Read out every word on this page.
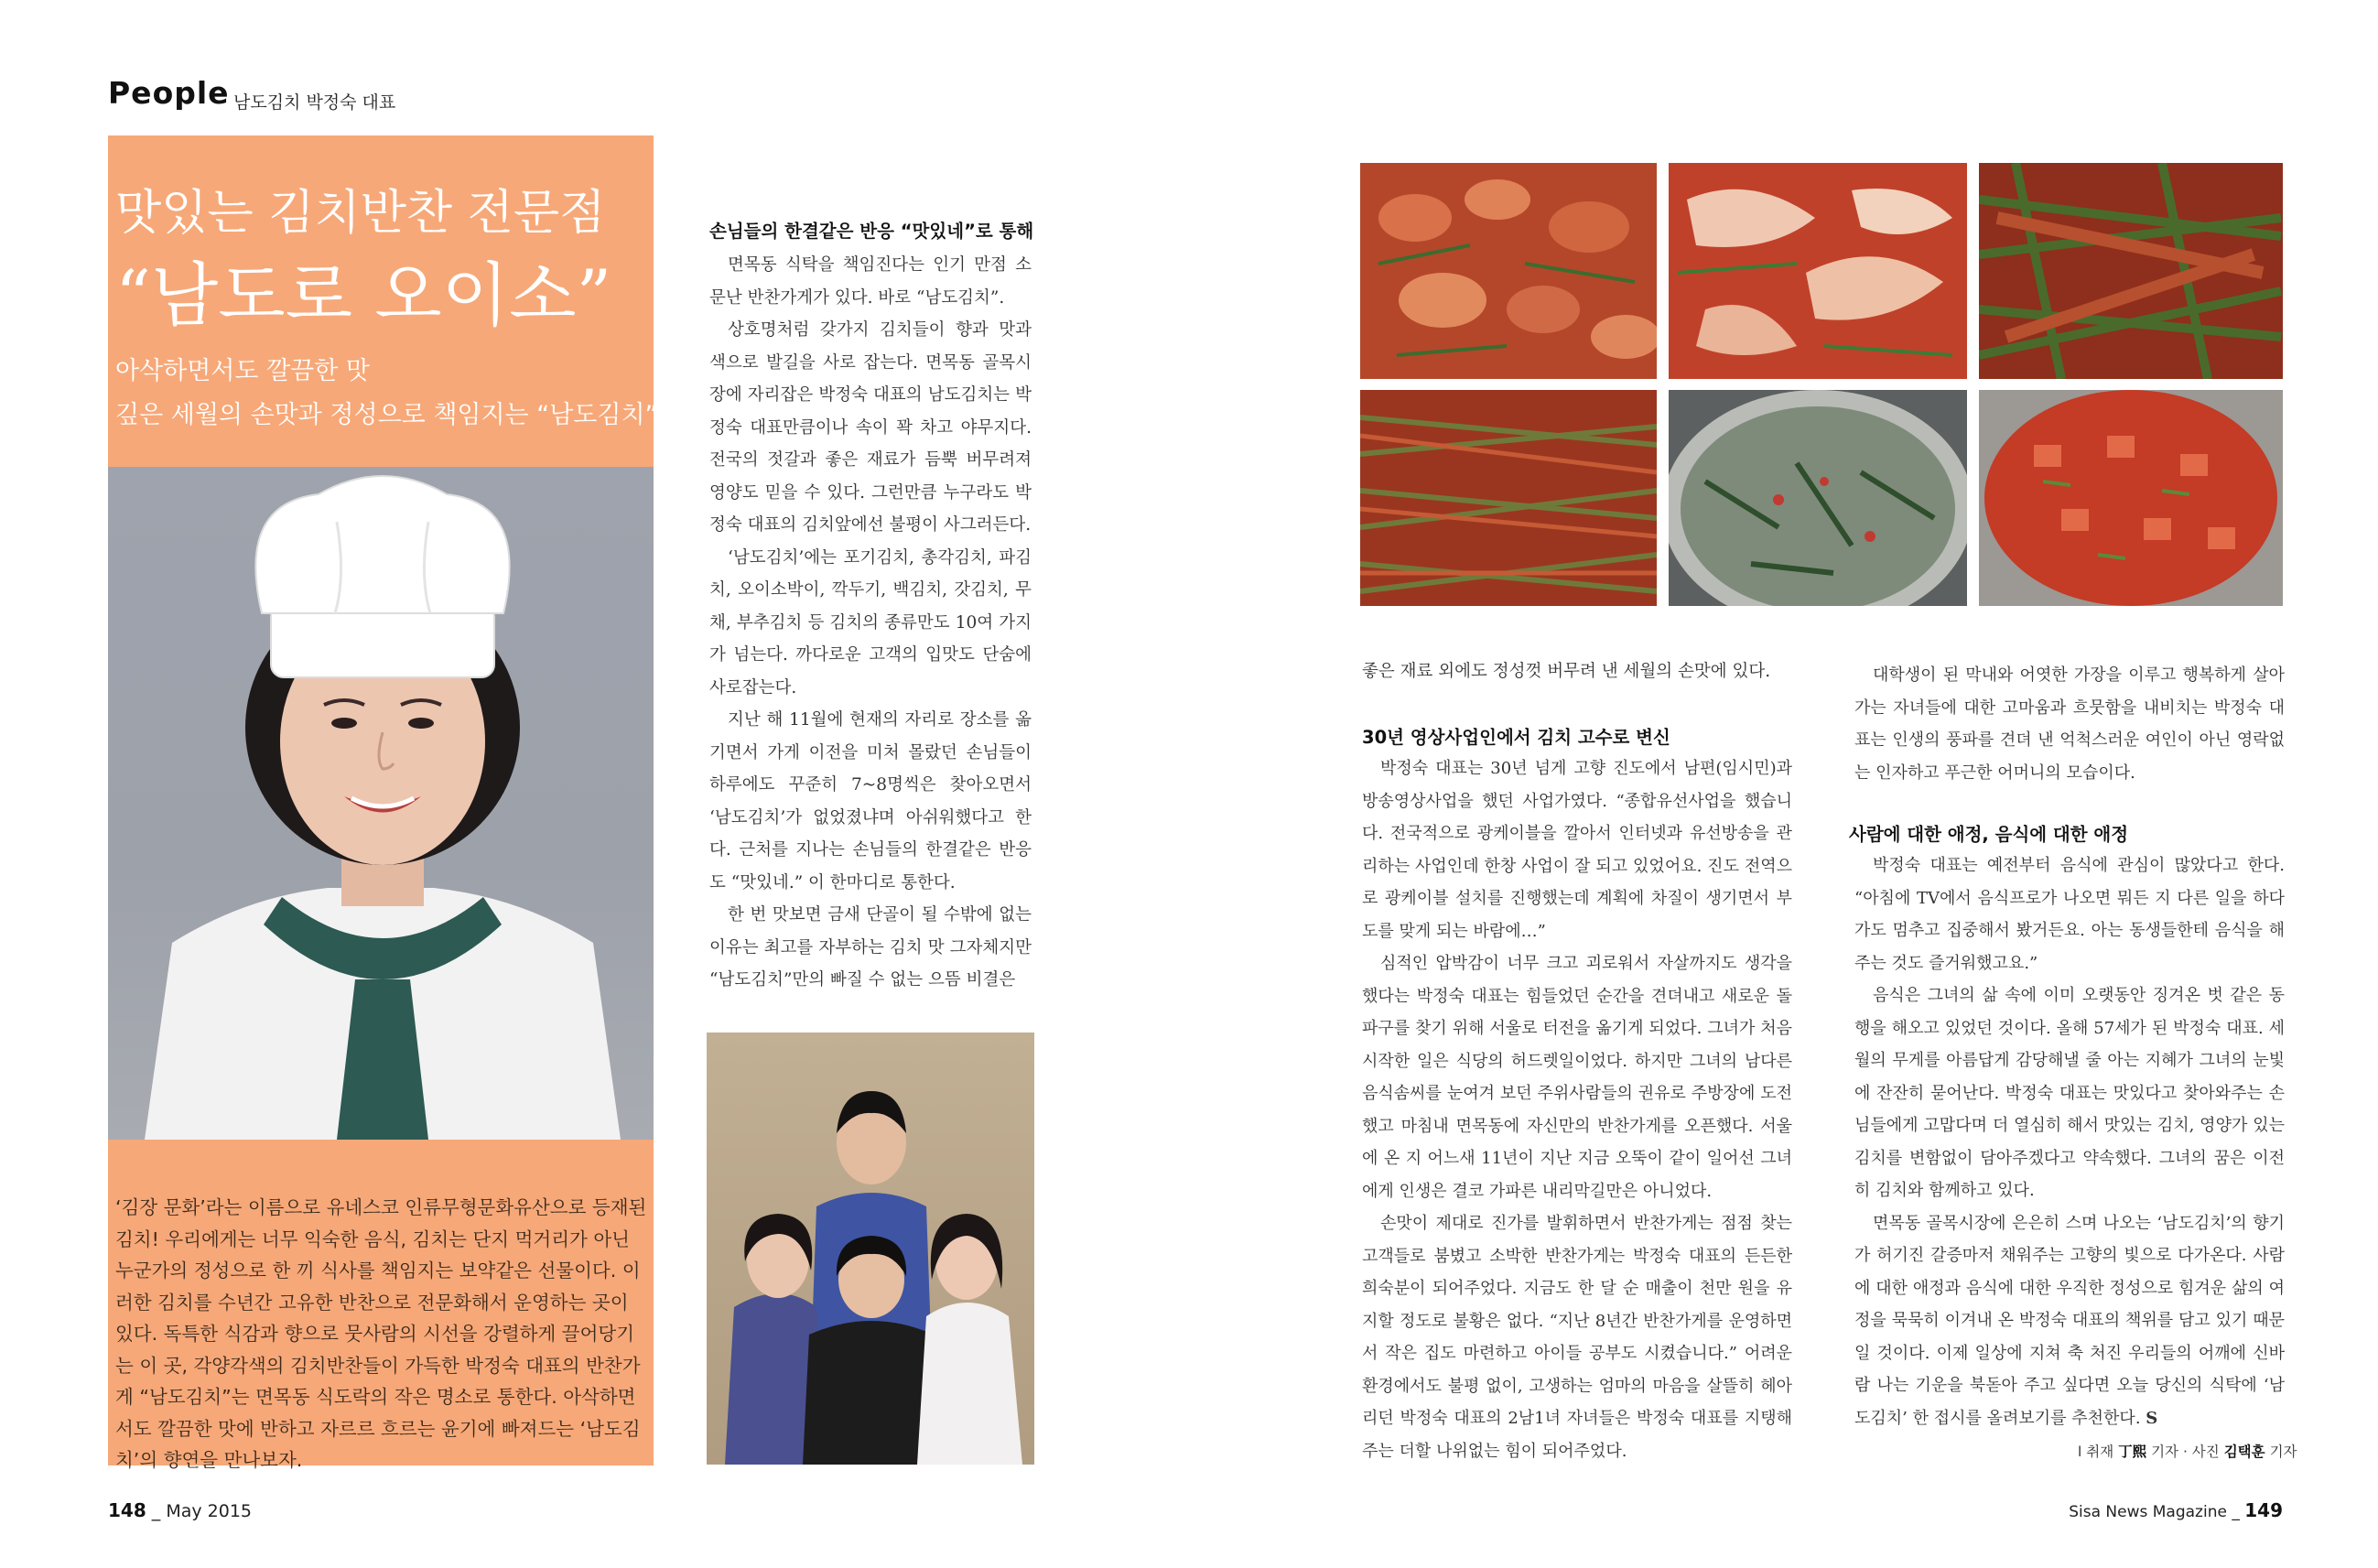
People 남도김치 박정숙 대표
맛있는 김치반찬 전문점
“남도로 오이소”
아삭하면서도 깔끔한 맛
깊은 세월의 손맛과 정성으로 책임지는 “남도김치”
‘김장 문화’라는 이름으로 유네스코 인류무형문화유산으로 등재된 김치! 우리에게는 너무 익숙한 음식, 김치는 단지 먹거리가 아닌 누군가의 정성으로 한 끼 식사를 책임지는 보약같은 선물이다. 이러한 김치를 수년간 고유한 반찬으로 전문화해서 운영하는 곳이 있다. 독특한 식감과 향으로 뭇사람의 시선을 강렬하게 끌어당기는 이 곳, 각양각색의 김치반찬들이 가득한 박정숙 대표의 반찬가게 “남도김치”는 면목동 식도락의 작은 명소로 통한다. 아삭하면서도 깔끔한 맛에 반하고 자르르 흐르는 윤기에 빠져드는 ‘남도김치’의 향연을 만나보자.
손님들의 한결같은 반응 “맛있네”로 통해

면목동 식탁을 책임진다는 인기 만점 소문난 반찬가게가 있다. 바로 “남도김치”.

상호명처럼 갖가지 김치들이 향과 맛과 색으로 발길을 사로 잡는다. 면목동 골목시장에 자리잡은 박정숙 대표의 남도김치는 박정숙 대표만큼이나 속이 꽉 차고 야무지다. 전국의 젓갈과 좋은 재료가 듬뿍 버무려져 영양도 믿을 수 있다. 그런만큼 누구라도 박정숙 대표의 김치앞에선 불평이 사그러든다.

‘남도김치’에는 포기김치, 총각김치, 파김치, 오이소박이, 깍두기, 백김치, 갓김치, 무채, 부추김치 등 김치의 종류만도 10여 가지가 넘는다. 까다로운 고객의 입맛도 단숨에 사로잡는다.

지난 해 11월에 현재의 자리로 장소를 옮기면서 가게 이전을 미처 몰랐던 손님들이 하루에도 꾸준히 7~8명씩은 찾아오면서 ‘남도김치’가 없었졌냐며 아쉬워했다고 한다. 근처를 지나는 손님들의 한결같은 반응도 “맛있네.” 이 한마디로 통한다.

한 번 맛보면 금새 단골이 될 수밖에 없는 이유는 최고를 자부하는 김치 맛 그자체지만 “남도김치”만의 빠질 수 없는 으뜸 비결은

좋은 재료 외에도 정성껏 버무려 낸 세월의 손맛에 있다.
30년 영상사업인에서 김치 고수로 변신

박정숙 대표는 30년 넘게 고향 진도에서 남편(임시민)과 방송영상사업을 했던 사업가였다. “종합유선사업을 했습니다. 전국적으로 광케이블을 깔아서 인터넷과 유선방송을 관리하는 사업인데 한창 사업이 잘 되고 있었어요. 진도 전역으로 광케이블 설치를 진행했는데 계획에 차질이 생기면서 부도를 맞게 되는 바람에…”

심적인 압박감이 너무 크고 괴로워서 자살까지도 생각을 했다는 박정숙 대표는 힘들었던 순간을 견뎌내고 새로운 돌파구를 찾기 위해 서울로 터전을 옮기게 되었다. 그녀가 처음 시작한 일은 식당의 허드렛일이었다. 하지만 그녀의 남다른 음식솜씨를 눈여겨 보던 주위사람들의 권유로 주방장에 도전했고 마침내 면목동에 자신만의 반찬가게를 오픈했다. 서울에 온 지 어느새 11년이 지난 지금 오뚝이 같이 일어선 그녀에게 인생은 결코 가파른 내리막길만은 아니었다.

손맛이 제대로 진가를 발휘하면서 반찬가게는 점점 찾는 고객들로 붐볐고 소박한 반찬가게는 박정숙 대표의 든든한 희숙분이 되어주었다. 지금도 한 달 순 매출이 천만 원을 유지할 정도로 불황은 없다. “지난 8년간 반찬가게를 운영하면서 작은 집도 마련하고 아이들 공부도 시켰습니다.” 어려운 환경에서도 불평 없이, 고생하는 엄마의 마음을 살뜰히 헤아리던 박정숙 대표의 2남1녀 자녀들은 박정숙 대표를 지탱해주는 더할 나위없는 힘이 되어주었다.

대학생이 된 막내와 어엿한 가장을 이루고 행복하게 살아가는 자녀들에 대한 고마움과 흐뭇함을 내비치는 박정숙 대표는 인생의 풍파를 견뎌 낸 억척스러운 여인이 아닌 영락없는 인자하고 푸근한 어머니의 모습이다.

사람에 대한 애정, 음식에 대한 애정

박정숙 대표는 예전부터 음식에 관심이 많았다고 한다. “아침에 TV에서 음식프로가 나오면 뭐든 지 다른 일을 하다가도 멈추고 집중해서 봤거든요. 아는 동생들한테 음식을 해주는 것도 즐거워했고요.”

음식은 그녀의 삶 속에 이미 오랫동안 징겨온 벗 같은 동행을 해오고 있었던 것이다. 올해 57세가 된 박정숙 대표. 세월의 무게를 아름답게 감당해낼 줄 아는 지혜가 그녀의 눈빛에 잔잔히 묻어난다. 박정숙 대표는 맛있다고 찾아와주는 손님들에게 고맙다며 더 열심히 해서 맛있는 김치, 영양가 있는 김치를 변함없이 담아주겠다고 약속했다. 그녀의 꿈은 이전히 김치와 함께하고 있다.

면목동 골목시장에 은은히 스며 나오는 ‘남도김치’의 향기가 허기진 갈증마저 채워주는 고향의 빛으로 다가온다. 사람에 대한 애정과 음식에 대한 우직한 정성으로 힘겨운 삶의 여정을 묵묵히 이겨내 온 박정숙 대표의 책위를 담고 있기 때문일 것이다. 이제 일상에 지쳐 축 처진 우리들의 어깨에 신바람 나는 기운을 북돋아 주고 싶다면 오늘 당신의 식탁에 ‘남도김치’ 한 접시를 올려보기를 추천한다. S

l 취재 丁熙 기자 · 사진 김택훈 기자
148 _ May 2015	Sisa News Magazine _ 149
